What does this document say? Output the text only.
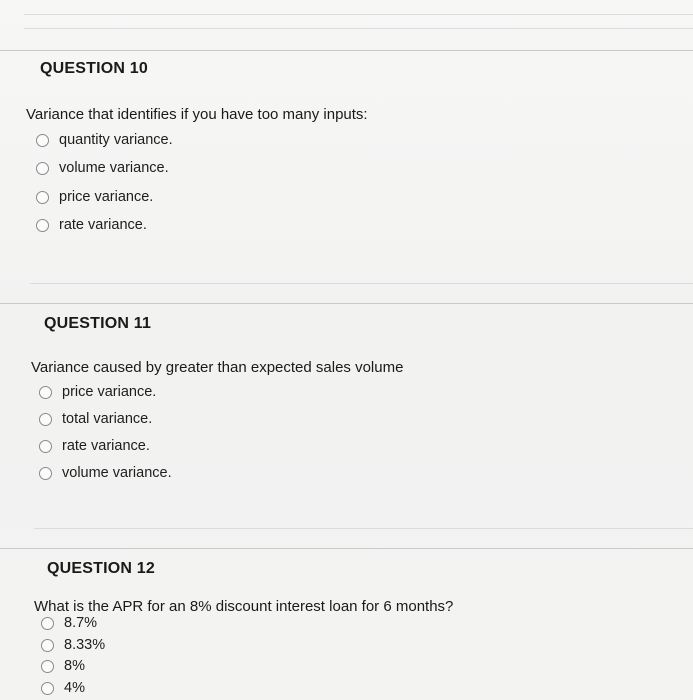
QUESTION 10
Variance that identifies if you have too many inputs:
quantity variance.
volume variance.
price variance.
rate variance.
QUESTION 11
Variance caused by greater than expected sales volume
price variance.
total variance.
rate variance.
volume variance.
QUESTION 12
What is the APR for an 8% discount interest loan for 6 months?
8.7%
8.33%
8%
4%
